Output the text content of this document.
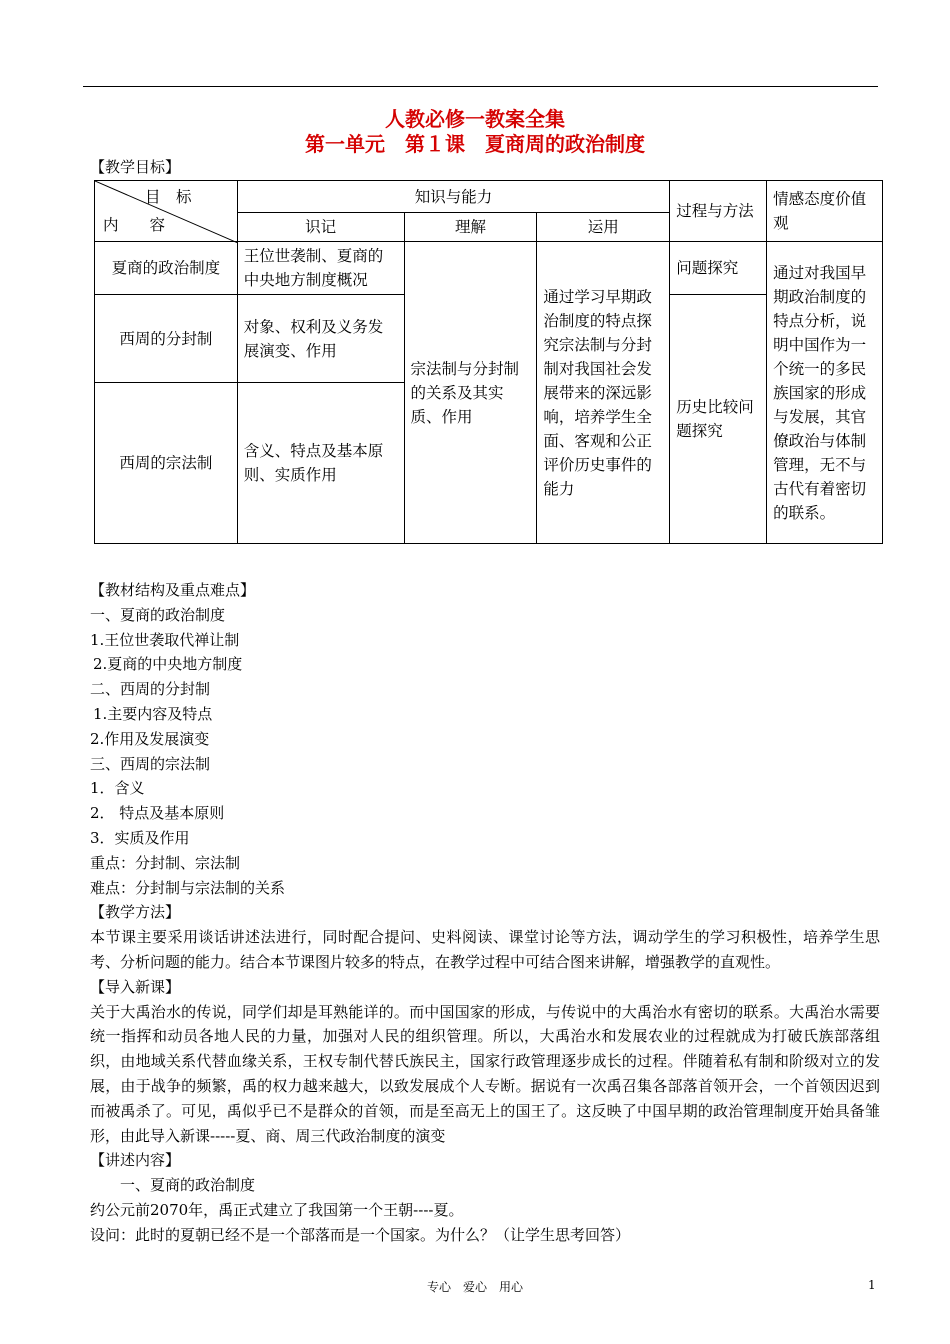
人教必修一教案全集
第一单元　第１课　夏商周的政治制度
【教学目标】
目　标
内　　容	知识与能力			过程与方法	情感态度价值观
	识记	理解	运用		
夏商的政治制度	王位世袭制、夏商的中央地方制度概况	宗法制与分封制的关系及其实质、作用	通过学习早期政治制度的特点探究宗法制与分封制对我国社会发展带来的深远影响，培养学生全面、客观和公正评价历史事件的能力	问题探究	通过对我国早期政治制度的特点分析，说明中国作为一个统一的多民族国家的形成与发展，其官僚政治与体制管理，无不与古代有着密切的联系。
西周的分封制	对象、权利及义务发展演变、作用			历史比较问题探究	
西周的宗法制	含义、特点及基本原则、实质作用				
【教材结构及重点难点】
一、夏商的政治制度
1.王位世袭取代禅让制
2.夏商的中央地方制度
二、西周的分封制
1.主要内容及特点
2.作用及发展演变
三、西周的宗法制
1．含义
2． 特点及基本原则
3．实质及作用
重点：分封制、宗法制
难点：分封制与宗法制的关系
【教学方法】
本节课主要采用谈话讲述法进行，同时配合提问、史料阅读、课堂讨论等方法，调动学生的学习积极性，培养学生思考、分析问题的能力。结合本节课图片较多的特点，在教学过程中可结合图来讲解，增强教学的直观性。
【导入新课】
关于大禹治水的传说，同学们却是耳熟能详的。而中国国家的形成，与传说中的大禹治水有密切的联系。大禹治水需要统一指挥和动员各地人民的力量，加强对人民的组织管理。所以，大禹治水和发展农业的过程就成为打破氏族部落组织，由地域关系代替血缘关系，王权专制代替氏族民主，国家行政管理逐步成长的过程。伴随着私有制和阶级对立的发展，由于战争的频繁，禹的权力越来越大，以致发展成个人专断。据说有一次禹召集各部落首领开会，一个首领因迟到而被禹杀了。可见，禹似乎已不是群众的首领，而是至高无上的国王了。这反映了中国早期的政治管理制度开始具备雏形，由此导入新课-----夏、商、周三代政治制度的演变
【讲述内容】
一、夏商的政治制度
约公元前2070年，禹正式建立了我国第一个王朝----夏。
设问：此时的夏朝已经不是一个部落而是一个国家。为什么？（让学生思考回答）
专心　爱心　用心	1
